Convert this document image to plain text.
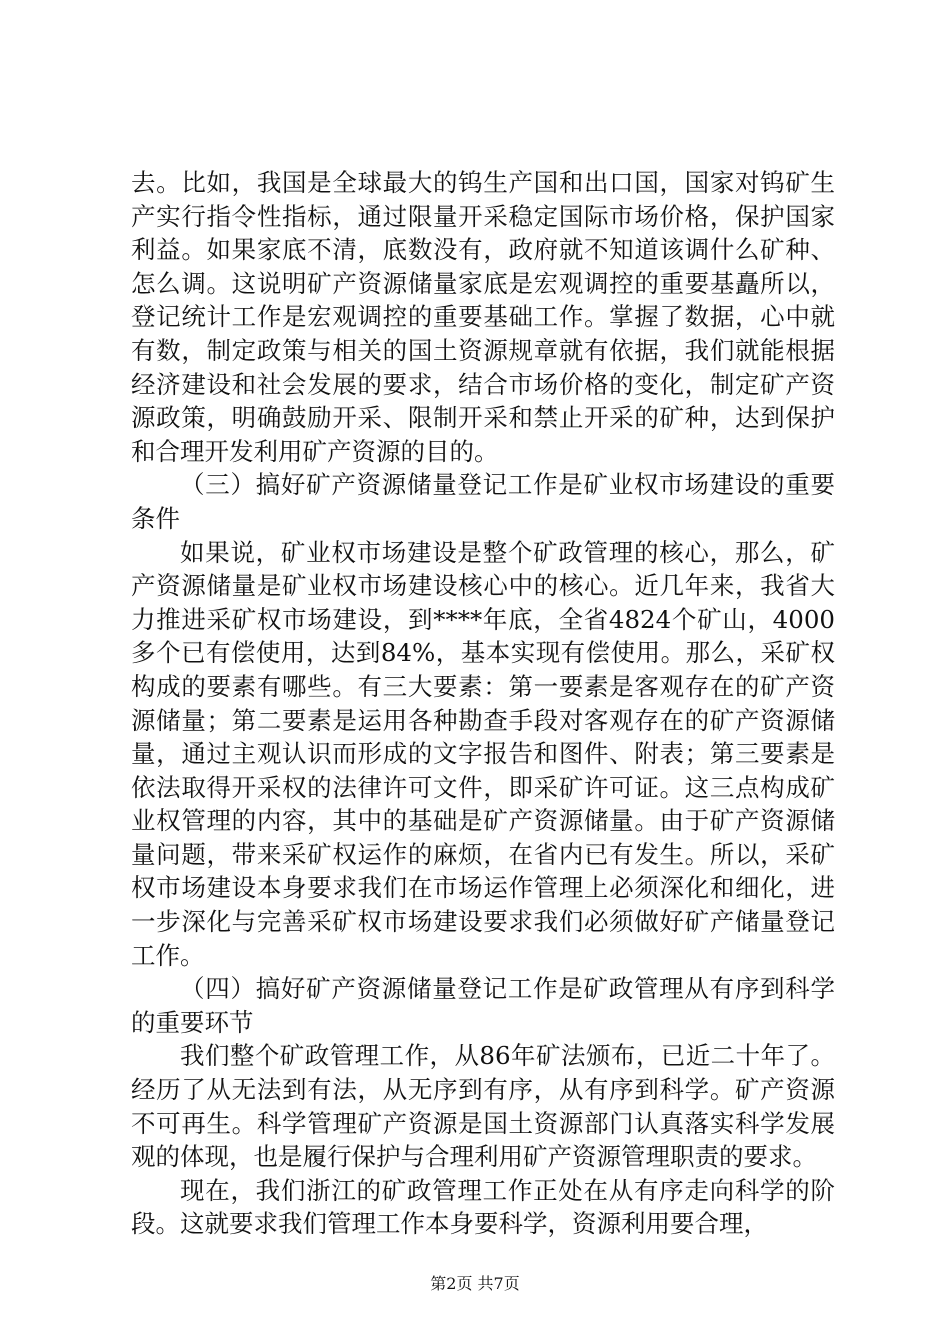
去。比如，我国是全球最大的钨生产国和出口国，国家对钨矿生产实行指令性指标，通过限量开采稳定国际市场价格，保护国家利益。如果家底不清，底数没有，政府就不知道该调什么矿种、怎么调。这说明矿产资源储量家底是宏观调控的重要基矗所以，登记统计工作是宏观调控的重要基础工作。掌握了数据，心中就有数，制定政策与相关的国土资源规章就有依据，我们就能根据经济建设和社会发展的要求，结合市场价格的变化，制定矿产资源政策，明确鼓励开采、限制开采和禁止开采的矿种，达到保护和合理开发利用矿产资源的目的。

（三）搞好矿产资源储量登记工作是矿业权市场建设的重要条件

如果说，矿业权市场建设是整个矿政管理的核心，那么，矿产资源储量是矿业权市场建设核心中的核心。近几年来，我省大力推进采矿权市场建设，到****年底，全省4824个矿山，4000多个已有偿使用，达到84%，基本实现有偿使用。那么，采矿权构成的要素有哪些。有三大要素：第一要素是客观存在的矿产资源储量；第二要素是运用各种勘查手段对客观存在的矿产资源储量，通过主观认识而形成的文字报告和图件、附表；第三要素是依法取得开采权的法律许可文件，即采矿许可证。这三点构成矿业权管理的内容，其中的基础是矿产资源储量。由于矿产资源储量问题，带来采矿权运作的麻烦，在省内已有发生。所以，采矿权市场建设本身要求我们在市场运作管理上必须深化和细化，进一步深化与完善采矿权市场建设要求我们必须做好矿产储量登记工作。

（四）搞好矿产资源储量登记工作是矿政管理从有序到科学的重要环节

我们整个矿政管理工作，从86年矿法颁布，已近二十年了。经历了从无法到有法，从无序到有序，从有序到科学。矿产资源不可再生。科学管理矿产资源是国土资源部门认真落实科学发展观的体现，也是履行保护与合理利用矿产资源管理职责的要求。

现在，我们浙江的矿政管理工作正处在从有序走向科学的阶段。这就要求我们管理工作本身要科学，资源利用要合理，

第2页 共7页
